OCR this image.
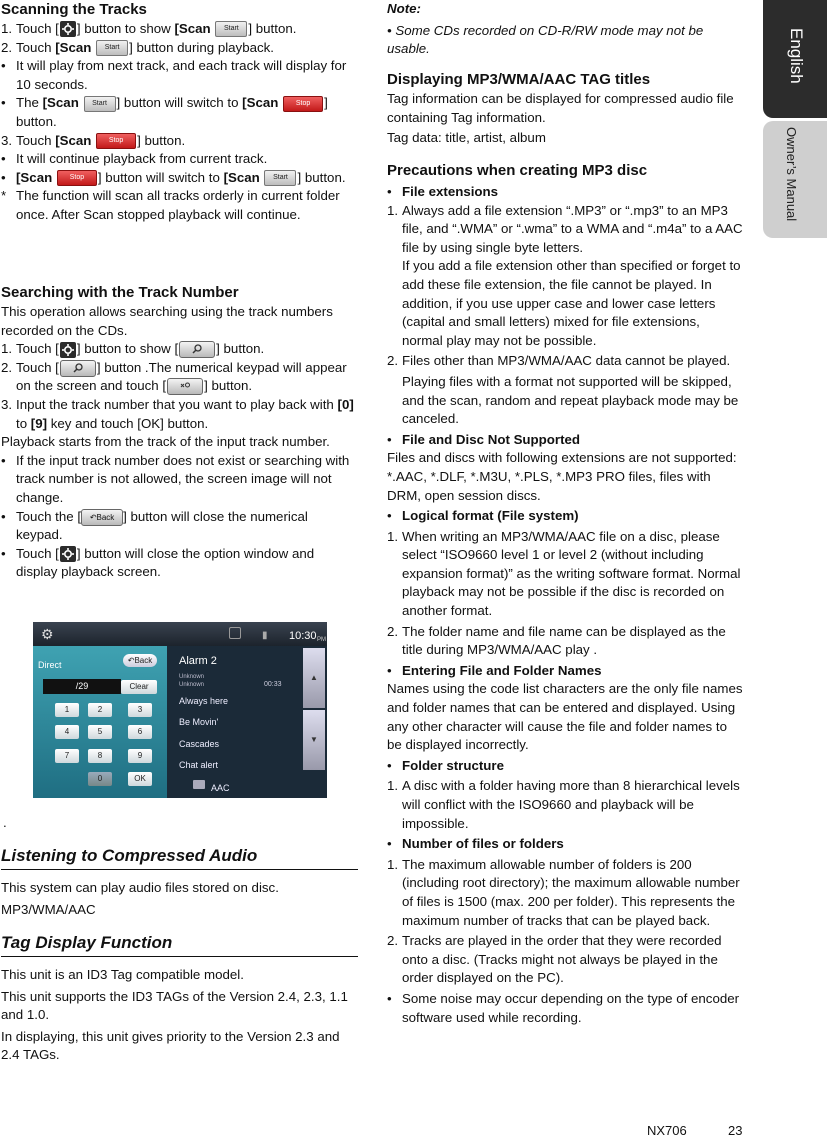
Scanning the Tracks
1. Touch [ ] button to show [Scan Start ] button.
2. Touch [Scan Start ] button during playback.
• It will play from next track, and each track will display for 10 seconds.
• The [Scan Start ] button will switch to [Scan	Stop ] button.
3. Touch [Scan	Stop ] button.
• It will continue playback from current track.
• [Scan	Stop ] button will switch to [Scan Start ] button.
* The function will scan all tracks orderly in current folder once. After Scan stopped playback will continue.
Searching with the Track Number

This operation allows searching using the track numbers recorded on the CDs.

1. Touch [ ] button to show [	] button.
2. Touch [	] button .The numerical keypad will appear on the screen and touch [	] button.
3. Input the track number that you want to play back with [0] to [9] key and touch [OK] button.

Playback starts from the track of the input track number.

• If the input track number does not exist or searching with track number is not allowed, the screen image will not change.
• Touch the [ ↶Back ] button will close the numerical keypad.
• Touch [ ] button will close the option window and display playback screen.
⚙	▮ 10:30 PM
Direct	↶Back
/29	Clear
1	2	3
4	5	6
7	8	9
0	OK
Alarm 2
Unknown
Unknown	00:33
Always here
Be Movin'
Cascades
Chat alert
▲
▼
AAC
.
Listening to Compressed Audio

This system can play audio files stored on disc.

MP3/WMA/AAC

Tag Display Function

This unit is an ID3 Tag compatible model.

This unit supports the ID3 TAGs of the Version 2.4, 2.3, 1.1 and 1.0.

In displaying, this unit gives priority to the Version 2.3 and 2.4 TAGs.

Note:

• Some CDs recorded on CD-R/RW mode may not be usable.

Displaying MP3/WMA/AAC TAG titles

Tag information can be displayed for compressed audio file containing Tag information.

Tag data: title, artist, album

Precautions when creating MP3 disc
• File extensions
1. Always add a file extension “.MP3” or “.mp3” to an MP3 file, and “.WMA” or “.wma” to a WMA and “.m4a” to a AAC file by using single byte letters.
If you add a file extension other than specified or forget to add these file extension, the file cannot be played. In addition, if you use upper case and lower case letters (capital and small letters) mixed for file extensions, normal play may not be possible.
2. Files other than MP3/WMA/AAC data cannot be played.
Playing files with a format not supported will be skipped, and the scan, random and repeat playback mode may be canceled.
• File and Disc Not Supported

Files and discs with following extensions are not supported: *.AAC, *.DLF, *.M3U, *.PLS, *.MP3 PRO files, files with DRM, open session discs.

• Logical format (File system)
1. When writing an MP3/WMA/AAC file on a disc, please select “ISO9660 level 1 or level 2 (without including expansion format)” as the writing software format. Normal playback may not be possible if the disc is recorded on another format.
2. The folder name and file name can be displayed as the title during MP3/WMA/AAC play .
• Entering File and Folder Names

Names using the code list characters are the only file names and folder names that can be entered and displayed. Using any other character will cause the file and folder names to be displayed incorrectly.

• Folder structure
1. A disc with a folder having more than 8 hierarchical levels will conflict with the ISO9660 and playback will be impossible.
• Number of files or folders
1. The maximum allowable number of folders is 200 (including root directory); the maximum allowable number of files is 1500 (max. 200 per folder). This represents the maximum number of tracks that can be played back.
2. Tracks are played in the order that they were recorded onto a disc. (Tracks might not always be played in the order displayed on the PC).
• Some noise may occur depending on the type of encoder software used while recording.
English
Owner’s Manual
NX706	23
